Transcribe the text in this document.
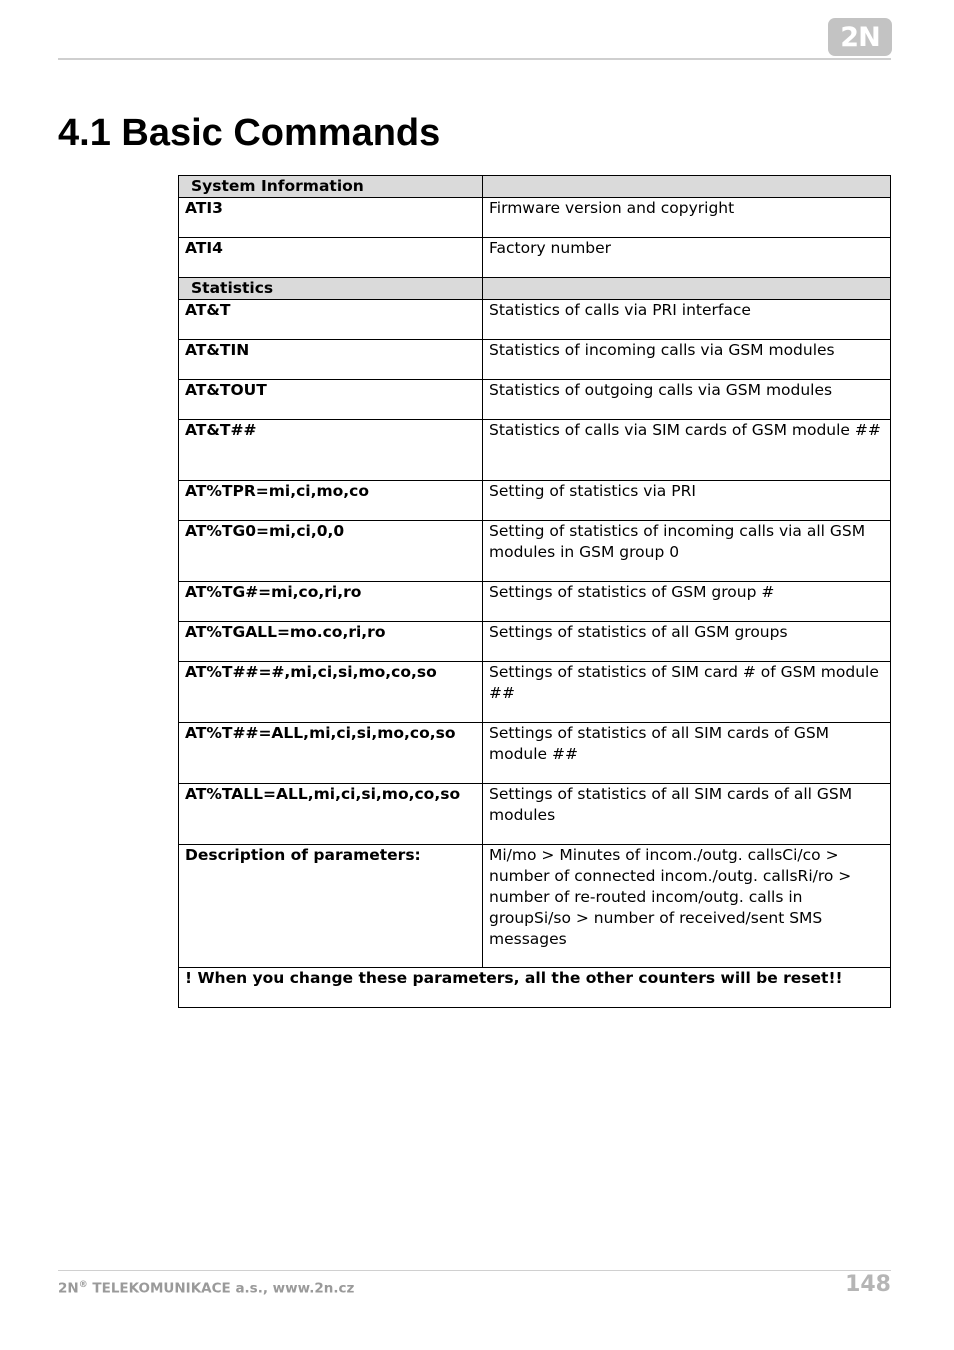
2N
4.1 Basic Commands
System Information	
ATI3	Firmware version and copyright
ATI4	Factory number
Statistics	
AT&T	Statistics of calls via PRI interface
AT&TIN	Statistics of incoming calls via GSM modules
AT&TOUT	Statistics of outgoing calls via GSM modules
AT&T##	Statistics of calls via SIM cards of GSM module ##
AT%TPR=mi,ci,mo,co	Setting of statistics via PRI
AT%TG0=mi,ci,0,0	Setting of statistics of incoming calls via all GSM modules in GSM group 0
AT%TG#=mi,co,ri,ro	Settings of statistics of GSM group #
AT%TGALL=mo.co,ri,ro	Settings of statistics of all GSM groups
AT%T##=#,mi,ci,si,mo,co,so	Settings of statistics of SIM card # of GSM module ##
AT%T##=ALL,mi,ci,si,mo,co,so	Settings of statistics of all SIM cards of GSM module ##
AT%TALL=ALL,mi,ci,si,mo,co,so	Settings of statistics of all SIM cards of all GSM modules
Description of parameters:	Mi/mo > Minutes of incom./outg. callsCi/co > number of connected incom./outg. callsRi/ro > number of re-routed incom/outg. calls in groupSi/so > number of received/sent SMS messages
! When you change these parameters, all the other counters will be reset!!	
2N® TELEKOMUNIKACE a.s., www.2n.cz	148
